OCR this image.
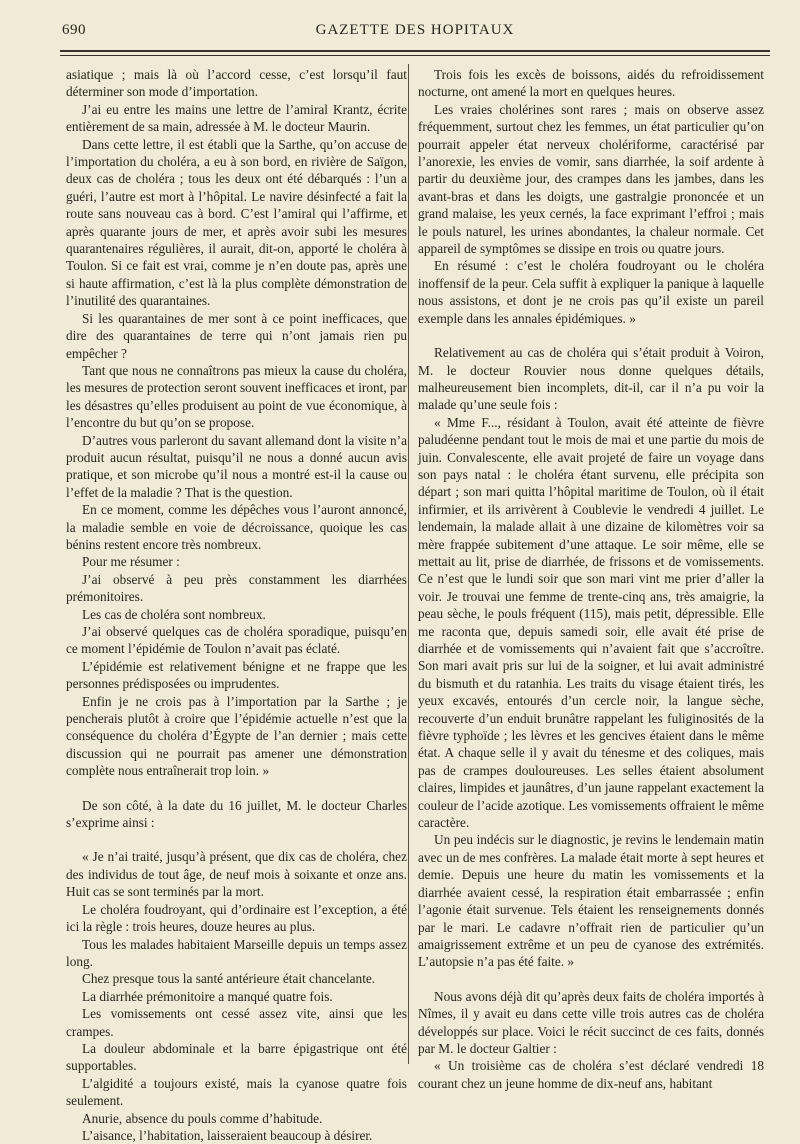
690	GAZETTE DES HOPITAUX

asiatique ; mais là où l’accord cesse, c’est lorsqu’il faut déterminer son mode d’importation.

J’ai eu entre les mains une lettre de l’amiral Krantz, écrite entièrement de sa main, adressée à M. le docteur Maurin.

Dans cette lettre, il est établi que la Sarthe, qu’on accuse de l’importation du choléra, a eu à son bord, en rivière de Saïgon, deux cas de choléra ; tous les deux ont été débarqués : l’un a guéri, l’autre est mort à l’hôpital. Le navire désinfecté a fait la route sans nouveau cas à bord. C’est l’amiral qui l’affirme, et après quarante jours de mer, et après avoir subi les mesures quarantenaires régulières, il aurait, dit-on, apporté le choléra à Toulon. Si ce fait est vrai, comme je n’en doute pas, après une si haute affirmation, c’est là la plus complète démonstration de l’inutilité des quarantaines.

Si les quarantaines de mer sont à ce point inefficaces, que dire des quarantaines de terre qui n’ont jamais rien pu empêcher ?

Tant que nous ne connaîtrons pas mieux la cause du choléra, les mesures de protection seront souvent inefficaces et iront, par les désastres qu’elles produisent au point de vue économique, à l’encontre du but qu’on se propose.

D’autres vous parleront du savant allemand dont la visite n’a produit aucun résultat, puisqu’il ne nous a donné aucun avis pratique, et son microbe qu’il nous a montré est-il la cause ou l’effet de la maladie ? That is the question.

En ce moment, comme les dépêches vous l’auront annoncé, la maladie semble en voie de décroissance, quoique les cas bénins restent encore très nombreux.

Pour me résumer :

J’ai observé à peu près constamment les diarrhées prémonitoires.

Les cas de choléra sont nombreux.

J’ai observé quelques cas de choléra sporadique, puisqu’en ce moment l’épidémie de Toulon n’avait pas éclaté.

L’épidémie est relativement bénigne et ne frappe que les personnes prédisposées ou imprudentes.

Enfin je ne crois pas à l’importation par la Sarthe ; je pencherais plutôt à croire que l’épidémie actuelle n’est que la conséquence du choléra d’Égypte de l’an dernier ; mais cette discussion qui ne pourrait pas amener une démonstration complète nous entraînerait trop loin. »

De son côté, à la date du 16 juillet, M. le docteur Charles s’exprime ainsi :

« Je n’ai traité, jusqu’à présent, que dix cas de choléra, chez des individus de tout âge, de neuf mois à soixante et onze ans. Huit cas se sont terminés par la mort.

Le choléra foudroyant, qui d’ordinaire est l’exception, a été ici la règle : trois heures, douze heures au plus.

Tous les malades habitaient Marseille depuis un temps assez long.

Chez presque tous la santé antérieure était chancelante.

La diarrhée prémonitoire a manqué quatre fois.

Les vomissements ont cessé assez vite, ainsi que les crampes.

La douleur abdominale et la barre épigastrique ont été supportables.

L’algidité a toujours existé, mais la cyanose quatre fois seulement.

Anurie, absence du pouls comme d’habitude.

L’aisance, l’habitation, laisseraient beaucoup à désirer.

Trois fois les excès de boissons, aidés du refroidissement nocturne, ont amené la mort en quelques heures.

Les vraies cholérines sont rares ; mais on observe assez fréquemment, surtout chez les femmes, un état particulier qu’on pourrait appeler état nerveux cholériforme, caractérisé par l’anorexie, les envies de vomir, sans diarrhée, la soif ardente à partir du deuxième jour, des crampes dans les jambes, dans les avant-bras et dans les doigts, une gastralgie prononcée et un grand malaise, les yeux cernés, la face exprimant l’effroi ; mais le pouls naturel, les urines abondantes, la chaleur normale. Cet appareil de symptômes se dissipe en trois ou quatre jours.

En résumé : c’est le choléra foudroyant ou le choléra inoffensif de la peur. Cela suffit à expliquer la panique à laquelle nous assistons, et dont je ne crois pas qu’il existe un pareil exemple dans les annales épidémiques. »

Relativement au cas de choléra qui s’était produit à Voiron, M. le docteur Rouvier nous donne quelques détails, malheureusement bien incomplets, dit-il, car il n’a pu voir la malade qu’une seule fois :

« Mme F..., résidant à Toulon, avait été atteinte de fièvre paludéenne pendant tout le mois de mai et une partie du mois de juin. Convalescente, elle avait projeté de faire un voyage dans son pays natal : le choléra étant survenu, elle précipita son départ ; son mari quitta l’hôpital maritime de Toulon, où il était infirmier, et ils arrivèrent à Coublevie le vendredi 4 juillet. Le lendemain, la malade allait à une dizaine de kilomètres voir sa mère frappée subitement d’une attaque. Le soir même, elle se mettait au lit, prise de diarrhée, de frissons et de vomissements. Ce n’est que le lundi soir que son mari vint me prier d’aller la voir. Je trouvai une femme de trente-cinq ans, très amaigrie, la peau sèche, le pouls fréquent (115), mais petit, dépressible. Elle me raconta que, depuis samedi soir, elle avait été prise de diarrhée et de vomissements qui n’avaient fait que s’accroître. Son mari avait pris sur lui de la soigner, et lui avait administré du bismuth et du ratanhia. Les traits du visage étaient tirés, les yeux excavés, entourés d’un cercle noir, la langue sèche, recouverte d’un enduit brunâtre rappelant les fuliginosités de la fièvre typhoïde ; les lèvres et les gencives étaient dans le même état. A chaque selle il y avait du ténesme et des coliques, mais pas de crampes douloureuses. Les selles étaient absolument claires, limpides et jaunâtres, d’un jaune rappelant exactement la couleur de l’acide azotique. Les vomissements offraient le même caractère.

Un peu indécis sur le diagnostic, je revins le lendemain matin avec un de mes confrères. La malade était morte à sept heures et demie. Depuis une heure du matin les vomissements et la diarrhée avaient cessé, la respiration était embarrassée ; enfin l’agonie était survenue. Tels étaient les renseignements donnés par le mari. Le cadavre n’offrait rien de particulier qu’un amaigrissement extrême et un peu de cyanose des extrémités. L’autopsie n’a pas été faite. »

Nous avons déjà dit qu’après deux faits de choléra importés à Nîmes, il y avait eu dans cette ville trois autres cas de choléra développés sur place. Voici le récit succinct de ces faits, donnés par M. le docteur Galtier :

« Un troisième cas de choléra s’est déclaré vendredi 18 courant chez un jeune homme de dix-neuf ans, habitant
